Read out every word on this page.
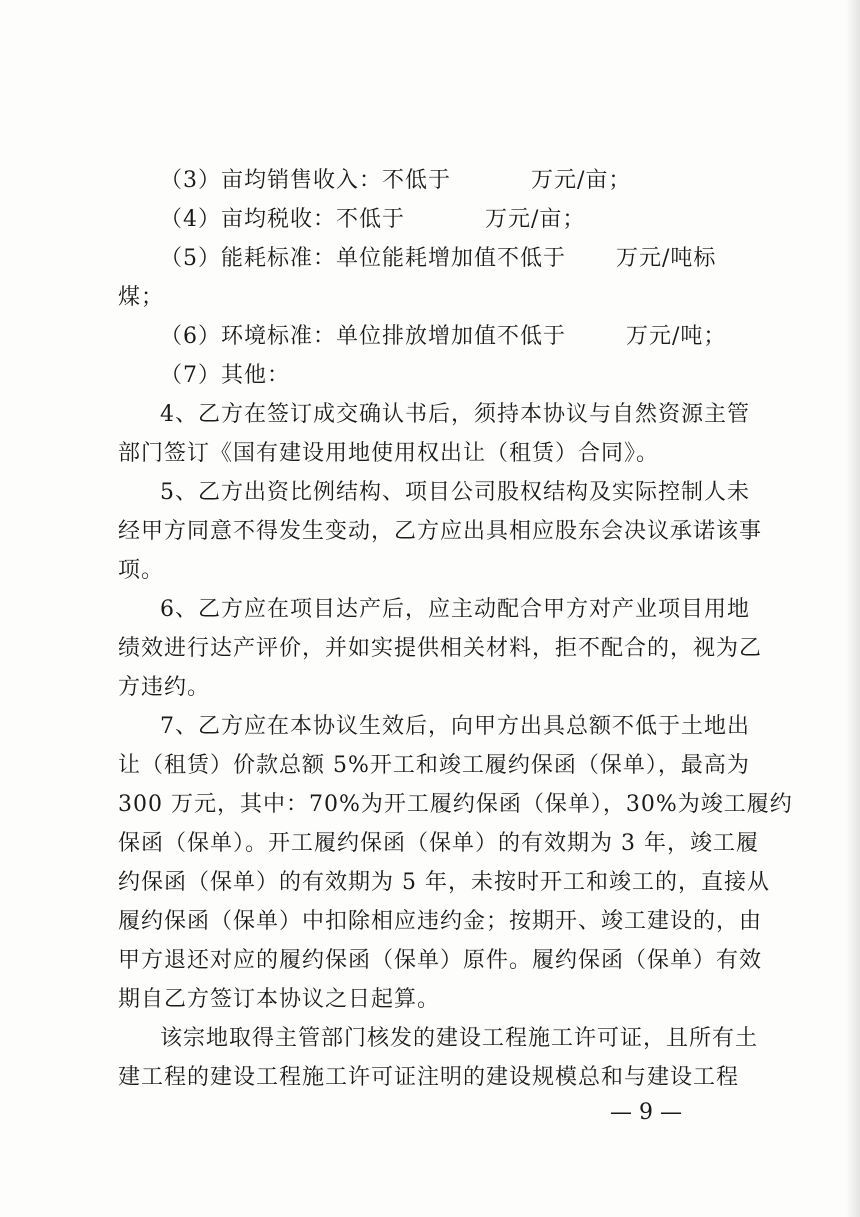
（3）亩均销售收入：不低于	万元/亩；
（4）亩均税收：不低于	万元/亩；
（5）能耗标准：单位能耗增加值不低于 万元/吨标
煤；
（6）环境标准：单位排放增加值不低于	万元/吨；
（7）其他：
4、乙方在签订成交确认书后，须持本协议与自然资源主管
部门签订《国有建设用地使用权出让（租赁）合同》。
5、乙方出资比例结构、项目公司股权结构及实际控制人未
经甲方同意不得发生变动，乙方应出具相应股东会决议承诺该事
项。
6、乙方应在项目达产后，应主动配合甲方对产业项目用地
绩效进行达产评价，并如实提供相关材料，拒不配合的，视为乙
方违约。
7、乙方应在本协议生效后，向甲方出具总额不低于土地出
让（租赁）价款总额 5%开工和竣工履约保函（保单），最高为
300 万元，其中：70%为开工履约保函（保单），30%为竣工履约
保函（保单）。开工履约保函（保单）的有效期为 3 年，竣工履
约保函（保单）的有效期为 5 年，未按时开工和竣工的，直接从
履约保函（保单）中扣除相应违约金；按期开、竣工建设的，由
甲方退还对应的履约保函（保单）原件。履约保函（保单）有效
期自乙方签订本协议之日起算。
该宗地取得主管部门核发的建设工程施工许可证，且所有土
建工程的建设工程施工许可证注明的建设规模总和与建设工程
— 9 —
